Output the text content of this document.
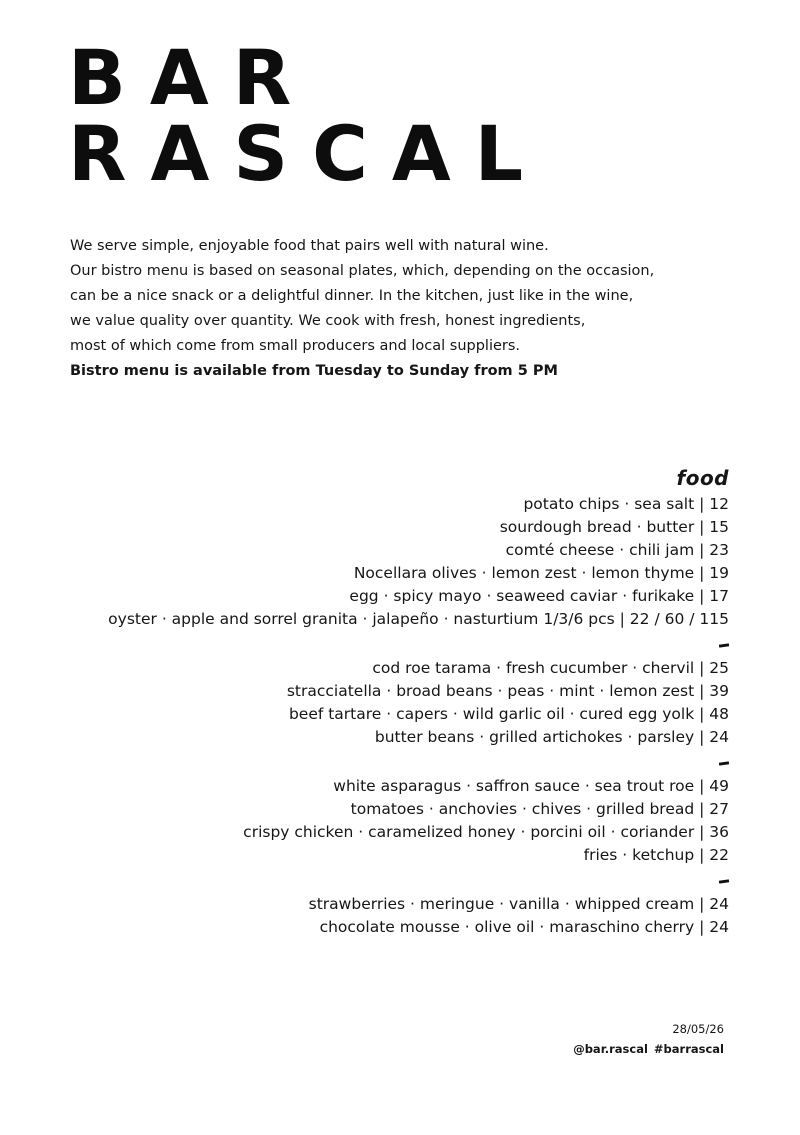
BAR
RASCAL

We serve simple, enjoyable food that pairs well with natural wine.

Our bistro menu is based on seasonal plates, which, depending on the occasion,

can be a nice snack or a delightful dinner. In the kitchen, just like in the wine,

we value quality over quantity. We cook with fresh, honest ingredients,

most of which come from small producers and local suppliers.

Bistro menu is available from Tuesday to Sunday from 5 PM

food
potato chips · sea salt | 12
sourdough bread · butter | 15
comté cheese · chili jam | 23
Nocellara olives · lemon zest · lemon thyme | 19
egg · spicy mayo · seaweed caviar · furikake | 17
oyster · apple and sorrel granita · jalapeño · nasturtium 1/3/6 pcs | 22 / 60 / 115
cod roe tarama · fresh cucumber · chervil | 25
stracciatella · broad beans · peas · mint · lemon zest | 39
beef tartare · capers · wild garlic oil · cured egg yolk | 48
butter beans · grilled artichokes · parsley | 24
white asparagus · saffron sauce · sea trout roe | 49
tomatoes · anchovies · chives · grilled bread | 27
crispy chicken · caramelized honey · porcini oil · coriander | 36
fries · ketchup | 22
strawberries · meringue · vanilla · whipped cream | 24
chocolate mousse · olive oil · maraschino cherry | 24
28/05/26
@bar.rascal #barrascal
